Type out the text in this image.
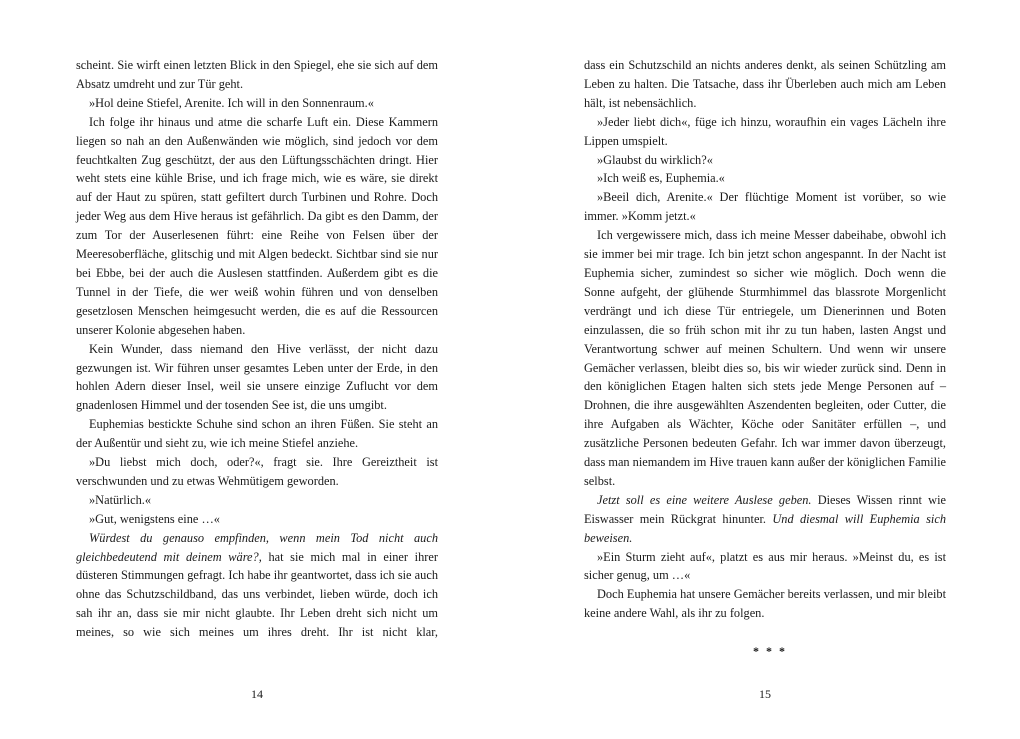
scheint. Sie wirft einen letzten Blick in den Spiegel, ehe sie sich auf dem Absatz umdreht und zur Tür geht.

»Hol deine Stiefel, Arenite. Ich will in den Sonnenraum.«

Ich folge ihr hinaus und atme die scharfe Luft ein. Diese Kammern liegen so nah an den Außenwänden wie möglich, sind jedoch vor dem feuchtkalten Zug geschützt, der aus den Lüftungsschächten dringt. Hier weht stets eine kühle Brise, und ich frage mich, wie es wäre, sie direkt auf der Haut zu spüren, statt gefiltert durch Turbinen und Rohre. Doch jeder Weg aus dem Hive heraus ist gefährlich. Da gibt es den Damm, der zum Tor der Auserlesenen führt: eine Reihe von Felsen über der Meeresoberfläche, glitschig und mit Algen bedeckt. Sichtbar sind sie nur bei Ebbe, bei der auch die Auslesen stattfinden. Außerdem gibt es die Tunnel in der Tiefe, die wer weiß wohin führen und von denselben gesetzlosen Menschen heimgesucht werden, die es auf die Ressourcen unserer Kolonie abgesehen haben.

Kein Wunder, dass niemand den Hive verlässt, der nicht dazu gezwungen ist. Wir führen unser gesamtes Leben unter der Erde, in den hohlen Adern dieser Insel, weil sie unsere einzige Zuflucht vor dem gnadenlosen Himmel und der tosenden See ist, die uns umgibt.

Euphemias bestickte Schuhe sind schon an ihren Füßen. Sie steht an der Außentür und sieht zu, wie ich meine Stiefel anziehe.

»Du liebst mich doch, oder?«, fragt sie. Ihre Gereiztheit ist verschwunden und zu etwas Wehmütigem geworden.

»Natürlich.«

»Gut, wenigstens eine …«

Würdest du genauso empfinden, wenn mein Tod nicht auch gleichbedeutend mit deinem wäre?, hat sie mich mal in einer ihrer düsteren Stimmungen gefragt. Ich habe ihr geantwortet, dass ich sie auch ohne das Schutzschildband, das uns verbindet, lieben würde, doch ich sah ihr an, dass sie mir nicht glaubte. Ihr Leben dreht sich nicht um meines, so wie sich meines um ihres dreht. Ihr ist nicht klar,

14

dass ein Schutzschild an nichts anderes denkt, als seinen Schützling am Leben zu halten. Die Tatsache, dass ihr Überleben auch mich am Leben hält, ist nebensächlich.

»Jeder liebt dich«, füge ich hinzu, woraufhin ein vages Lächeln ihre Lippen umspielt.

»Glaubst du wirklich?«

»Ich weiß es, Euphemia.«

»Beeil dich, Arenite.« Der flüchtige Moment ist vorüber, so wie immer. »Komm jetzt.«

Ich vergewissere mich, dass ich meine Messer dabeihabe, obwohl ich sie immer bei mir trage. Ich bin jetzt schon angespannt. In der Nacht ist Euphemia sicher, zumindest so sicher wie möglich. Doch wenn die Sonne aufgeht, der glühende Sturmhimmel das blassrote Morgenlicht verdrängt und ich diese Tür entriegele, um Dienerinnen und Boten einzulassen, die so früh schon mit ihr zu tun haben, lasten Angst und Verantwortung schwer auf meinen Schultern. Und wenn wir unsere Gemächer verlassen, bleibt dies so, bis wir wieder zurück sind. Denn in den königlichen Etagen halten sich stets jede Menge Personen auf – Drohnen, die ihre ausgewählten Aszendenten begleiten, oder Cutter, die ihre Aufgaben als Wächter, Köche oder Sanitäter erfüllen –, und zusätzliche Personen bedeuten Gefahr. Ich war immer davon überzeugt, dass man niemandem im Hive trauen kann außer der königlichen Familie selbst.

Jetzt soll es eine weitere Auslese geben. Dieses Wissen rinnt wie Eiswasser mein Rückgrat hinunter. Und diesmal will Euphemia sich beweisen.

»Ein Sturm zieht auf«, platzt es aus mir heraus. »Meinst du, es ist sicher genug, um …«

Doch Euphemia hat unsere Gemächer bereits verlassen, und mir bleibt keine andere Wahl, als ihr zu folgen.

* * *
15
